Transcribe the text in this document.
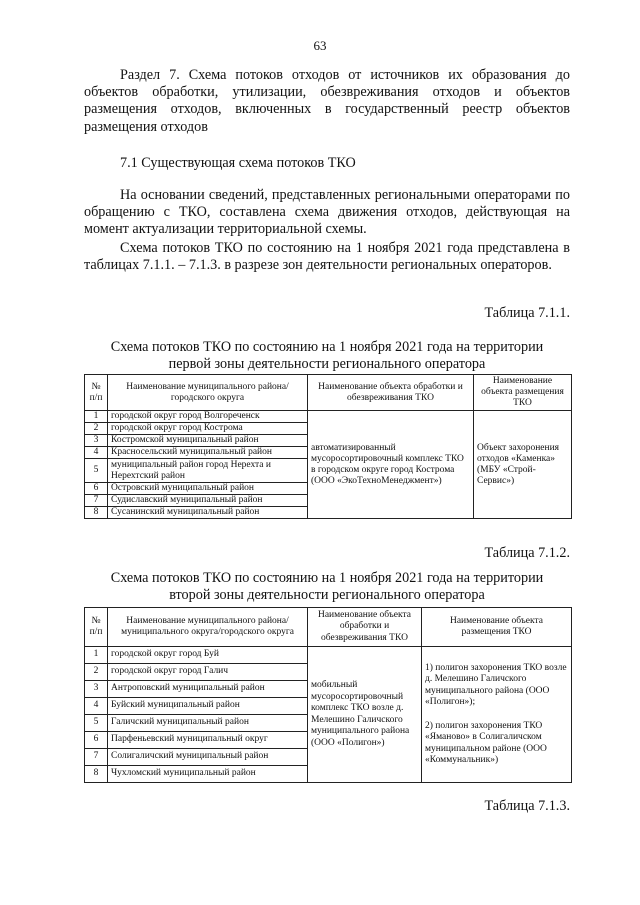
63
Раздел 7. Схема потоков отходов от источников их образования до объектов обработки, утилизации, обезвреживания отходов и объектов размещения отходов, включенных в государственный реестр объектов размещения отходов
7.1 Существующая схема потоков ТКО
На основании сведений, представленных региональными операторами по обращению с ТКО, составлена схема движения отходов, действующая на момент актуализации территориальной схемы.
Схема потоков ТКО по состоянию на 1 ноября 2021 года представлена в таблицах 7.1.1. – 7.1.3. в разрезе зон деятельности региональных операторов.
Таблица 7.1.1.
Схема потоков ТКО по состоянию на 1 ноября 2021 года на территории первой зоны деятельности регионального оператора
№ п/п	Наименование муниципального района/ городского округа	Наименование объекта обработки и обезвреживания ТКО	Наименование объекта размещения ТКО
1	городской округ город Волгореченск	автоматизированный мусоросортировочный комплекс ТКО в городском округе город Кострома (ООО «ЭкоТехноМенеджмент»)	Объект захоронения отходов «Каменка» (МБУ «Строй-Сервис»)
2	городской округ город Кострома		
3	Костромской муниципальный район		
4	Красносельский муниципальный район		
5	муниципальный район город Нерехта и Нерехтский район		
6	Островский муниципальный район		
7	Судиславский муниципальный район		
8	Сусанинский муниципальный район		
Таблица 7.1.2.
Схема потоков ТКО по состоянию на 1 ноября 2021 года на территории второй зоны деятельности регионального оператора
№ п/п	Наименование муниципального района/ муниципального округа/городского округа	Наименование объекта обработки и обезвреживания ТКО	Наименование объекта размещения ТКО
1	городской округ город Буй	мобильный мусоросортировочный комплекс ТКО возле д. Мелешино Галичского муниципального района (ООО «Полигон»)	1) полигон захоронения ТКО возле д. Мелешино Галичского муниципального района (ООО «Полигон»);
2) полигон захоронения ТКО «Яманово» в Солигаличском муниципальном районе (ООО «Коммунальник»)

2	городской округ город Галич		
3	Антроповский муниципальный район		
4	Буйский муниципальный район		
5	Галичский муниципальный район		
6	Парфеньевский муниципальный округ		
7	Солигаличский муниципальный район		
8	Чухломский муниципальный район		
Таблица 7.1.3.
